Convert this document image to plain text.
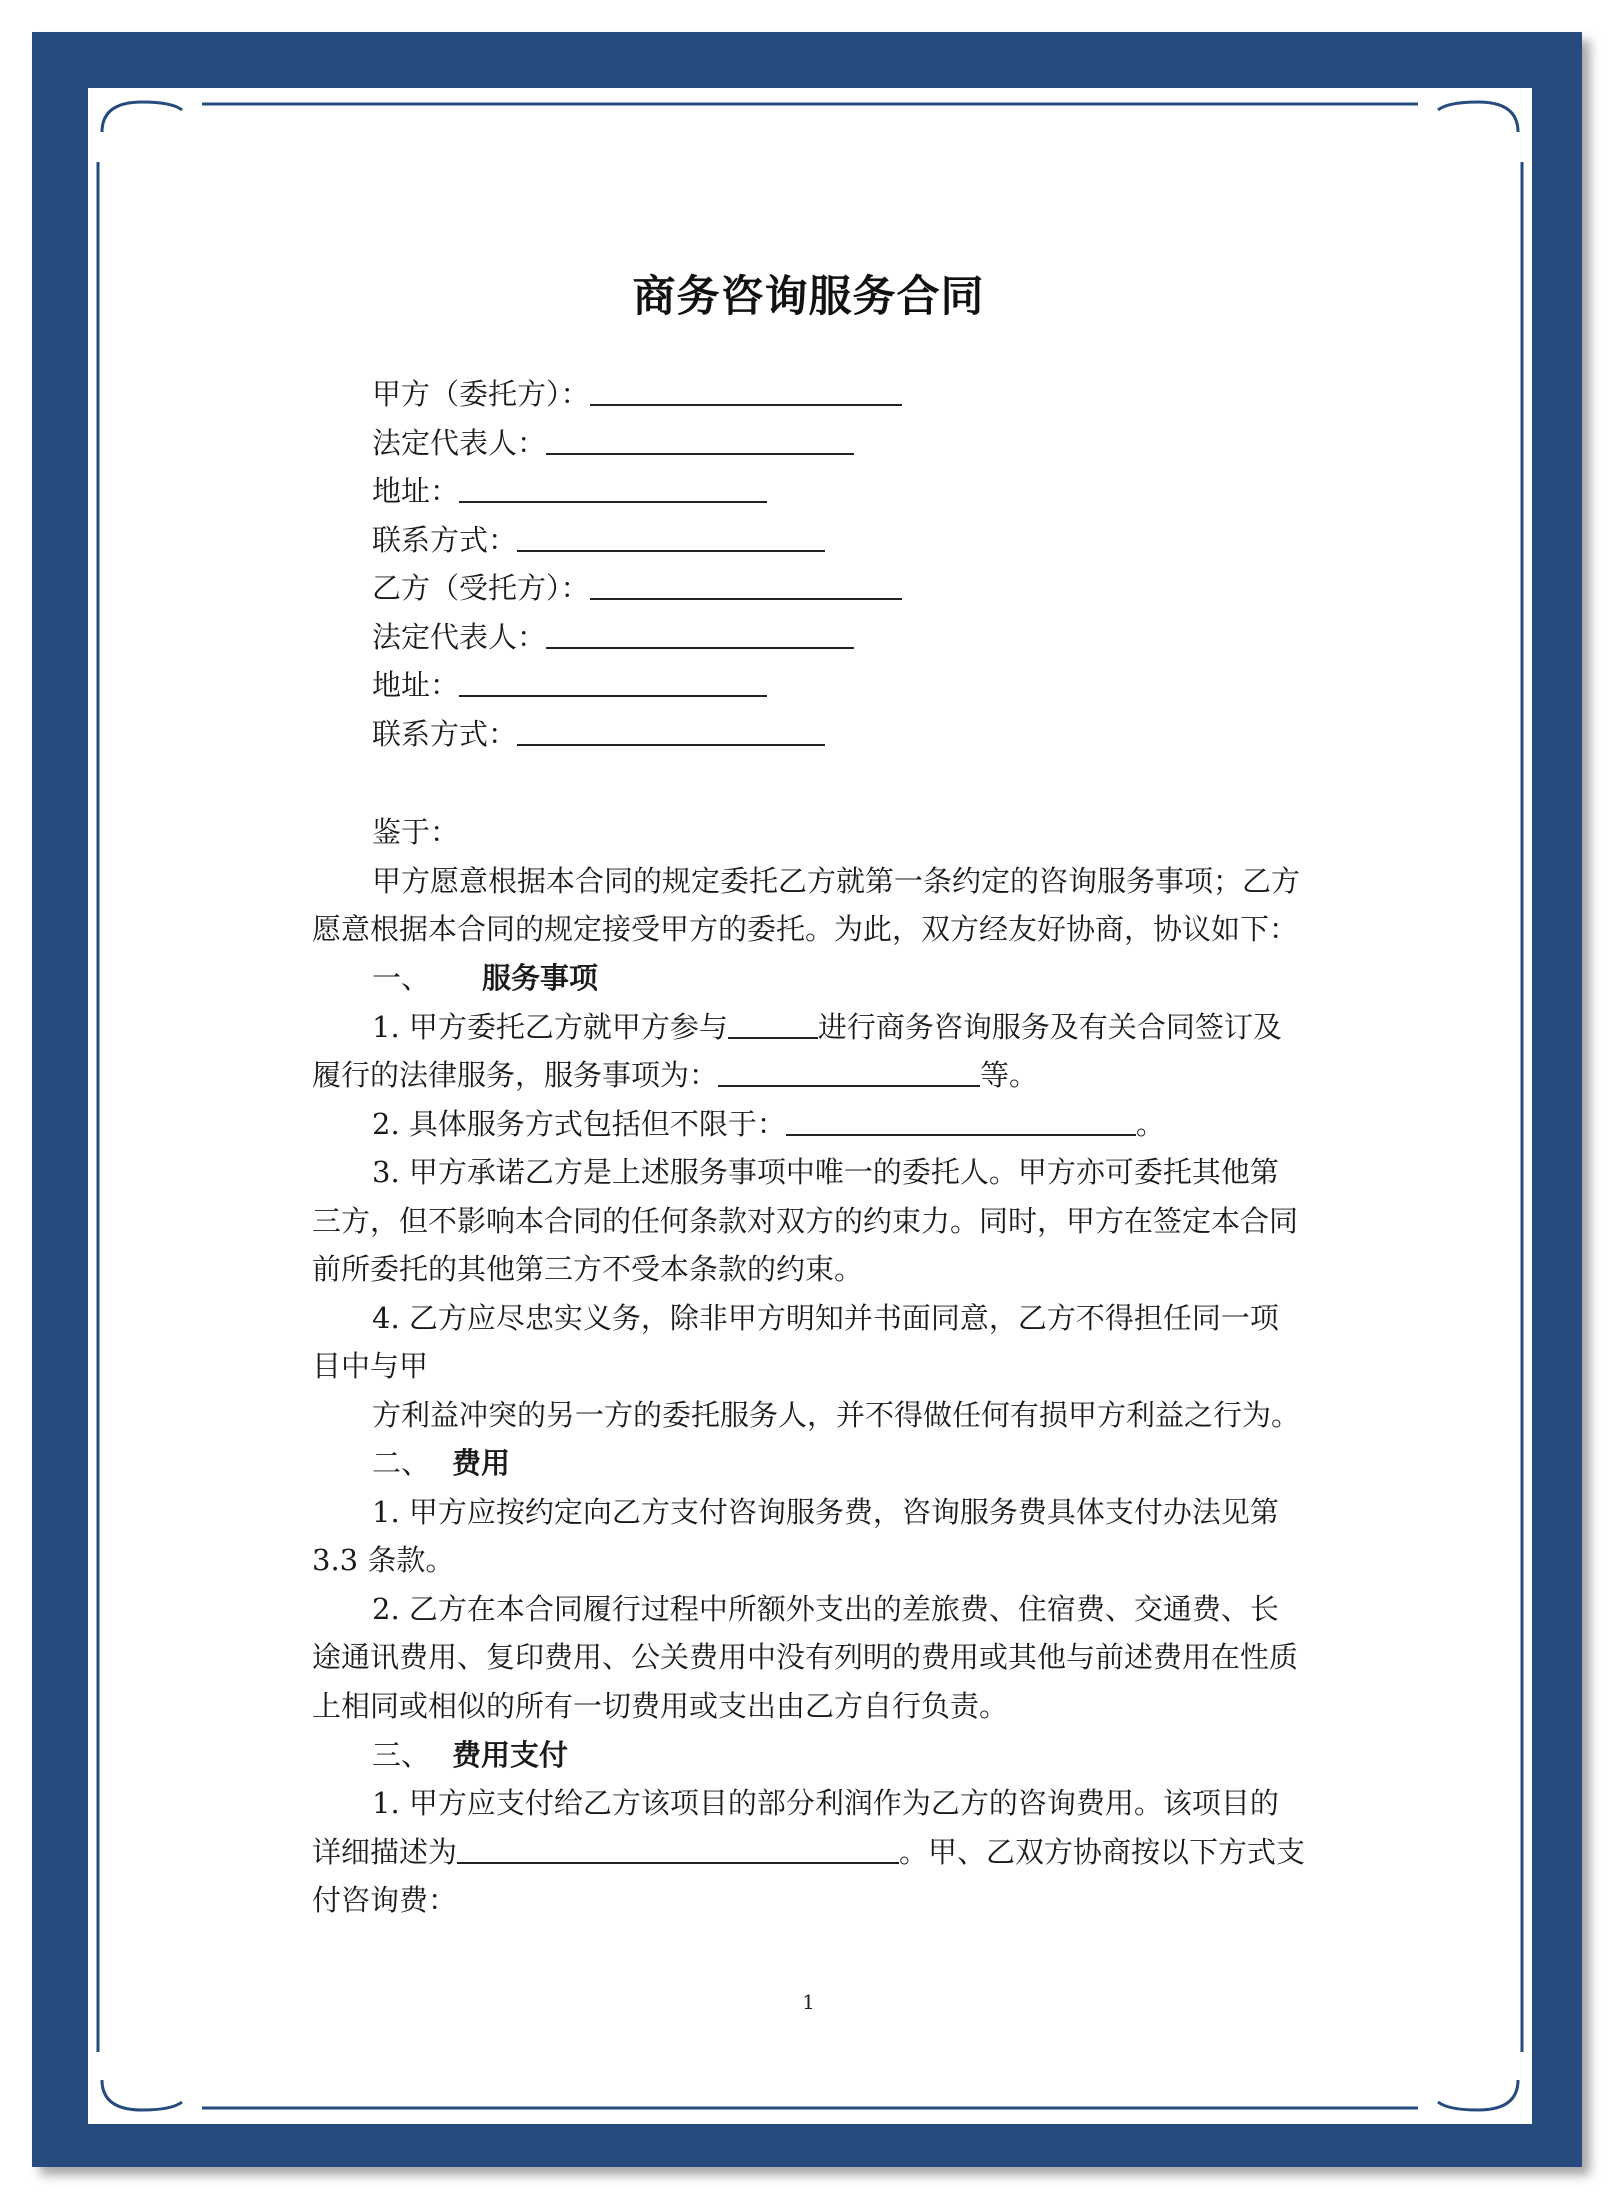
商务咨询服务合同
甲方（委托方）：
法定代表人：
地址：
联系方式：
乙方（受托方）：
法定代表人：
地址：
联系方式：
鉴于：
甲方愿意根据本合同的规定委托乙方就第一条约定的咨询服务事项；乙方
愿意根据本合同的规定接受甲方的委托。为此，双方经友好协商，协议如下：
一、 服务事项
1. 甲方委托乙方就甲方参与	进行商务咨询服务及有关合同签订及
履行的法律服务，服务事项为：	等。
2. 具体服务方式包括但不限于：	。
3. 甲方承诺乙方是上述服务事项中唯一的委托人。甲方亦可委托其他第
三方，但不影响本合同的任何条款对双方的约束力。同时，甲方在签定本合同
前所委托的其他第三方不受本条款的约束。
4. 乙方应尽忠实义务，除非甲方明知并书面同意，乙方不得担任同一项
目中与甲
方利益冲突的另一方的委托服务人，并不得做任何有损甲方利益之行为。
二、 费用
1. 甲方应按约定向乙方支付咨询服务费，咨询服务费具体支付办法见第
3.3 条款。
2. 乙方在本合同履行过程中所额外支出的差旅费、住宿费、交通费、长
途通讯费用、复印费用、公关费用中没有列明的费用或其他与前述费用在性质
上相同或相似的所有一切费用或支出由乙方自行负责。
三、 费用支付
1. 甲方应支付给乙方该项目的部分利润作为乙方的咨询费用。该项目的
详细描述为	。甲、乙双方协商按以下方式支
付咨询费：
1
